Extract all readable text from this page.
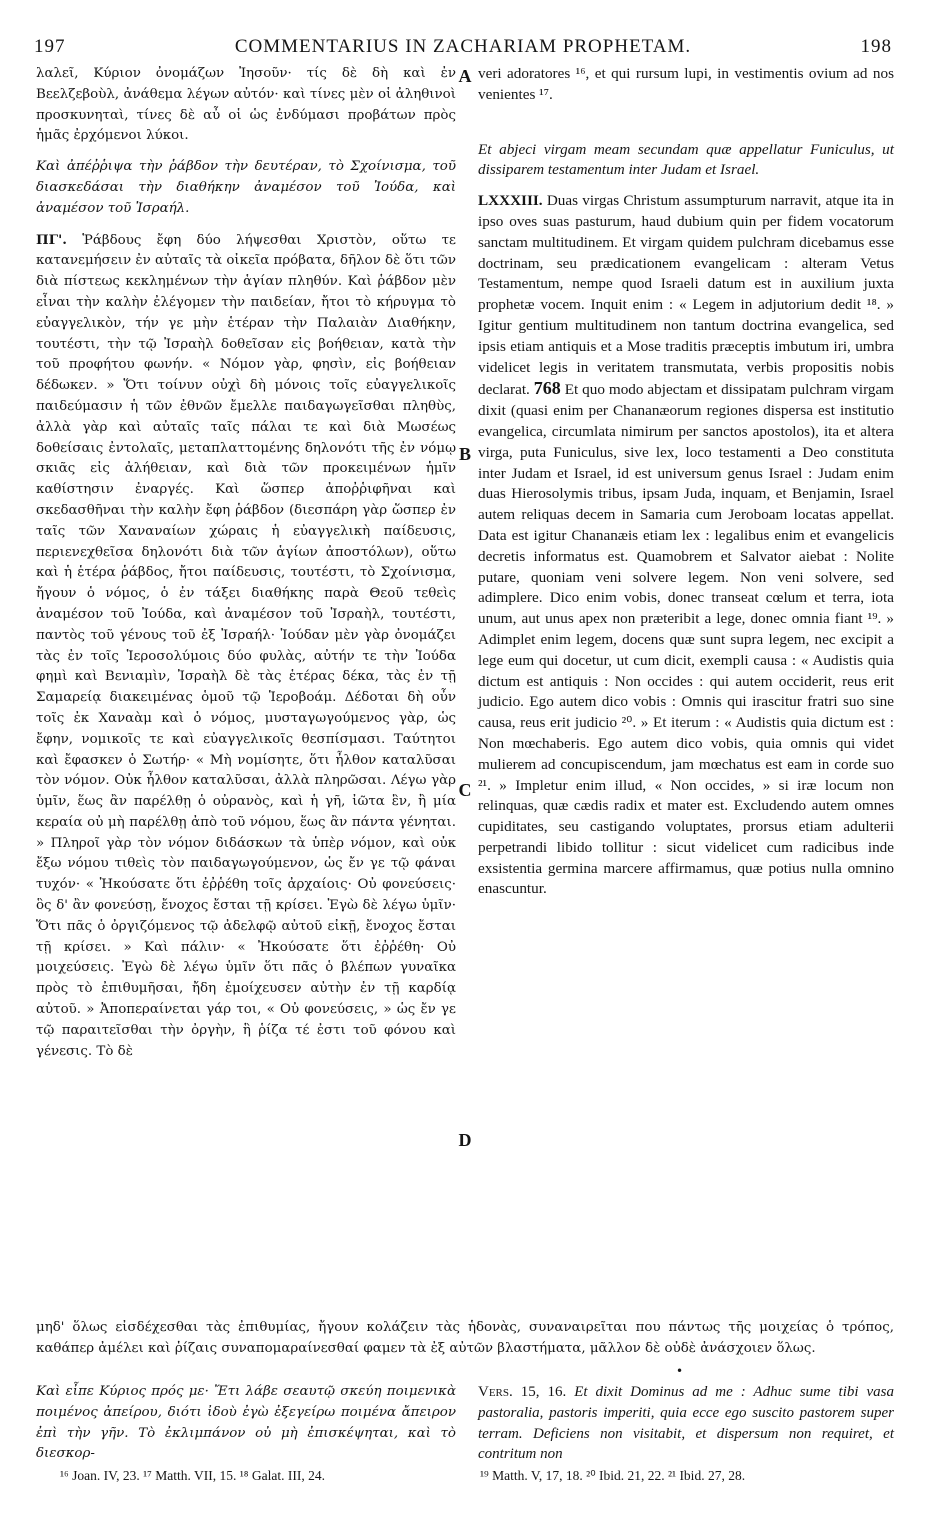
197	COMMENTARIUS IN ZACHARIAM PROPHETAM.	198
A
B
C
D

λαλεῖ, Κύριον ὀνομάζων Ἰησοῦν· τίς δὲ δὴ καὶ ἐν Βεελζεβοὺλ, ἀνάθεμα λέγων αὐτόν· καὶ τίνες μὲν οἱ ἀληθινοὶ προσκυνηταὶ, τίνες δὲ αὖ οἱ ὡς ἐνδύμασι προβάτων πρὸς ἡμᾶς ἐρχόμενοι λύκοι.

Καὶ ἀπέῤῥιψα τὴν ῥάβδον τὴν δευτέραν, τὸ Σχοίνισμα, τοῦ διασκεδάσαι τὴν διαθήκην ἀναμέσον τοῦ Ἰούδα, καὶ ἀναμέσον τοῦ Ἰσραήλ.

ΠΓ'. Ῥάβδους ἔφη δύο λήψεσθαι Χριστὸν, οὕτω τε κατανεμήσειν ἐν αὐταῖς τὰ οἰκεῖα πρόβατα, δῆλον δὲ ὅτι τῶν διὰ πίστεως κεκλημένων τὴν ἁγίαν πληθύν. Καὶ ῥάβδον μὲν εἶναι τὴν καλὴν ἐλέγομεν τὴν παιδείαν, ἤτοι τὸ κήρυγμα τὸ εὐαγγελικὸν, τήν γε μὴν ἑτέραν τὴν Παλαιὰν Διαθήκην, τουτέστι, τὴν τῷ Ἰσραὴλ δοθεῖσαν εἰς βοήθειαν, κατὰ τὴν τοῦ προφήτου φωνήν. « Νόμον γὰρ, φησὶν, εἰς βοήθειαν δέδωκεν. » Ὅτι τοίνυν οὐχὶ δὴ μόνοις τοῖς εὐαγγελικοῖς παιδεύμασιν ἡ τῶν ἐθνῶν ἔμελλε παιδαγωγεῖσθαι πληθὺς, ἀλλὰ γὰρ καὶ αὐταῖς ταῖς πάλαι τε καὶ διὰ Μωσέως δοθείσαις ἐντολαῖς, μεταπλαττομένης δηλονότι τῆς ἐν νόμῳ σκιᾶς εἰς ἀλήθειαν, καὶ διὰ τῶν προκειμένων ἡμῖν καθίστησιν ἐναργές. Καὶ ὥσπερ ἀποῤῥιφῆναι καὶ σκεδασθῆναι τὴν καλὴν ἔφη ῥάβδον (διεσπάρη γὰρ ὥσπερ ἐν ταῖς τῶν Χαναναίων χώραις ἡ εὐαγγελικὴ παίδευσις, περιενεχθεῖσα δηλονότι διὰ τῶν ἁγίων ἀποστόλων), οὕτω καὶ ἡ ἑτέρα ῥάβδος, ἤτοι παίδευσις, τουτέστι, τὸ Σχοίνισμα, ἤγουν ὁ νόμος, ὁ ἐν τάξει διαθήκης παρὰ Θεοῦ τεθεὶς ἀναμέσον τοῦ Ἰούδα, καὶ ἀναμέσον τοῦ Ἰσραὴλ, τουτέστι, παντὸς τοῦ γένους τοῦ ἐξ Ἰσραήλ· Ἰούδαν μὲν γὰρ ὀνομάζει τὰς ἐν τοῖς Ἱεροσολύμοις δύο φυλὰς, αὐτήν τε τὴν Ἰούδα φημὶ καὶ Βενιαμὶν, Ἰσραὴλ δὲ τὰς ἑτέρας δέκα, τὰς ἐν τῇ Σαμαρείᾳ διακειμένας ὁμοῦ τῷ Ἱεροβοάμ. Δέδοται δὴ οὖν τοῖς ἐκ Χαναὰμ καὶ ὁ νόμος, μυσταγωγούμενος γὰρ, ὡς ἔφην, νομικοῖς τε καὶ εὐαγγελικοῖς θεσπίσμασι. Ταύτητοι καὶ ἔφασκεν ὁ Σωτήρ· « Μὴ νομίσητε, ὅτι ἦλθον καταλῦσαι τὸν νόμον. Οὐκ ἦλθον καταλῦσαι, ἀλλὰ πληρῶσαι. Λέγω γὰρ ὑμῖν, ἕως ἂν παρέλθῃ ὁ οὐρανὸς, καὶ ἡ γῆ, ἰῶτα ἓν, ἢ μία κεραία οὐ μὴ παρέλθῃ ἀπὸ τοῦ νόμου, ἕως ἂν πάντα γένηται. » Πληροῖ γὰρ τὸν νόμον διδάσκων τὰ ὑπὲρ νόμον, καὶ οὐκ ἔξω νόμου τιθεὶς τὸν παιδαγωγούμενον, ὡς ἔν γε τῷ φάναι τυχόν· « Ἠκούσατε ὅτι ἐῤῥέθη τοῖς ἀρχαίοις· Οὐ φονεύσεις· ὃς δ' ἂν φονεύσῃ, ἔνοχος ἔσται τῇ κρίσει. Ἐγὼ δὲ λέγω ὑμῖν· Ὅτι πᾶς ὁ ὀργιζόμενος τῷ ἀδελφῷ αὐτοῦ εἰκῇ, ἔνοχος ἔσται τῇ κρίσει. » Καὶ πάλιν· « Ἠκούσατε ὅτι ἐῤῥέθη· Οὐ μοιχεύσεις. Ἐγὼ δὲ λέγω ὑμῖν ὅτι πᾶς ὁ βλέπων γυναῖκα πρὸς τὸ ἐπιθυμῆσαι, ἤδη ἐμοίχευσεν αὐτὴν ἐν τῇ καρδίᾳ αὐτοῦ. » Ἀποπεραίνεται γάρ τοι, « Οὐ φονεύσεις, » ὡς ἔν γε τῷ παραιτεῖσθαι τὴν ὀργὴν, ἣ ῥίζα τέ ἐστι τοῦ φόνου καὶ γένεσις. Τὸ δὲ

veri adoratores ¹⁶, et qui rursum lupi, in vestimentis ovium ad nos venientes ¹⁷.

Et abjeci virgam meam secundam quæ appellatur Funiculus, ut dissiparem testamentum inter Judam et Israel.

LXXXIII. Duas virgas Christum assumpturum narravit, atque ita in ipso oves suas pasturum, haud dubium quin per fidem vocatorum sanctam multitudinem. Et virgam quidem pulchram dicebamus esse doctrinam, seu prædicationem evangelicam : alteram Vetus Testamentum, nempe quod Israeli datum est in auxilium juxta prophetæ vocem. Inquit enim : « Legem in adjutorium dedit ¹⁸. » Igitur gentium multitudinem non tantum doctrina evangelica, sed ipsis etiam antiquis et a Mose traditis præceptis imbutum iri, umbra videlicet legis in veritatem transmutata, verbis propositis nobis declarat. 768 Et quo modo abjectam et dissipatam pulchram virgam dixit (quasi enim per Chananæorum regiones dispersa est institutio evangelica, circumlata nimirum per sanctos apostolos), ita et altera virga, puta Funiculus, sive lex, loco testamenti a Deo constituta inter Judam et Israel, id est universum genus Israel : Judam enim duas Hierosolymis tribus, ipsam Juda, inquam, et Benjamin, Israel autem reliquas decem in Samaria cum Jeroboam locatas appellat. Data est igitur Chananæis etiam lex : legalibus enim et evangelicis decretis informatus est. Quamobrem et Salvator aiebat : Nolite putare, quoniam veni solvere legem. Non veni solvere, sed adimplere. Dico enim vobis, donec transeat cœlum et terra, iota unum, aut unus apex non præteribit a lege, donec omnia fiant ¹⁹. » Adimplet enim legem, docens quæ sunt supra legem, nec excipit a lege eum qui docetur, ut cum dicit, exempli causa : « Audistis quia dictum est antiquis : Non occides : qui autem occiderit, reus erit judicio. Ego autem dico vobis : Omnis qui irascitur fratri suo sine causa, reus erit judicio ²⁰. » Et iterum : « Audistis quia dictum est : Non mœchaberis. Ego autem dico vobis, quia omnis qui videt mulierem ad concupiscendum, jam mœchatus est eam in corde suo ²¹. » Impletur enim illud, « Non occides, » si iræ locum non relinquas, quæ cædis radix et mater est. Excludendo autem omnes cupiditates, seu castigando voluptates, prorsus etiam adulterii perpetrandi libido tollitur : sicut videlicet cum radicibus inde exsistentia germina marcere affirmamus, quæ potius nulla omnino enascuntur.

μηδ' ὅλως εἰσδέχεσθαι τὰς ἐπιθυμίας, ἤγουν κολάζειν τὰς ἡδονὰς, συναναιρεῖται που πάντως τῆς μοιχείας ὁ τρόπος, καθάπερ ἀμέλει καὶ ῥίζαις συναπομαραίνεσθαί φαμεν τὰ ἐξ αὐτῶν βλαστήματα, μᾶλλον δὲ οὐδὲ ἀνάσχοιεν ὅλως.
•
Καὶ εἶπε Κύριος πρός με· Ἔτι λάβε σεαυτῷ σκεύη ποιμενικὰ ποιμένος ἀπείρου, διότι ἰδοὺ ἐγὼ ἐξεγείρω ποιμένα ἄπειρον ἐπὶ τὴν γῆν. Τὸ ἐκλιμπάνον οὐ μὴ ἐπισκέψηται, καὶ τὸ διεσκορ-
Vers. 15, 16. Et dixit Dominus ad me : Adhuc sume tibi vasa pastoralia, pastoris imperiti, quia ecce ego suscito pastorem super terram. Deficiens non visitabit, et dispersum non requiret, et contritum non
¹⁶ Joan. IV, 23. ¹⁷ Matth. VII, 15. ¹⁸ Galat. III, 24.	¹⁹ Matth. V, 17, 18. ²⁰ Ibid. 21, 22. ²¹ Ibid. 27, 28.
